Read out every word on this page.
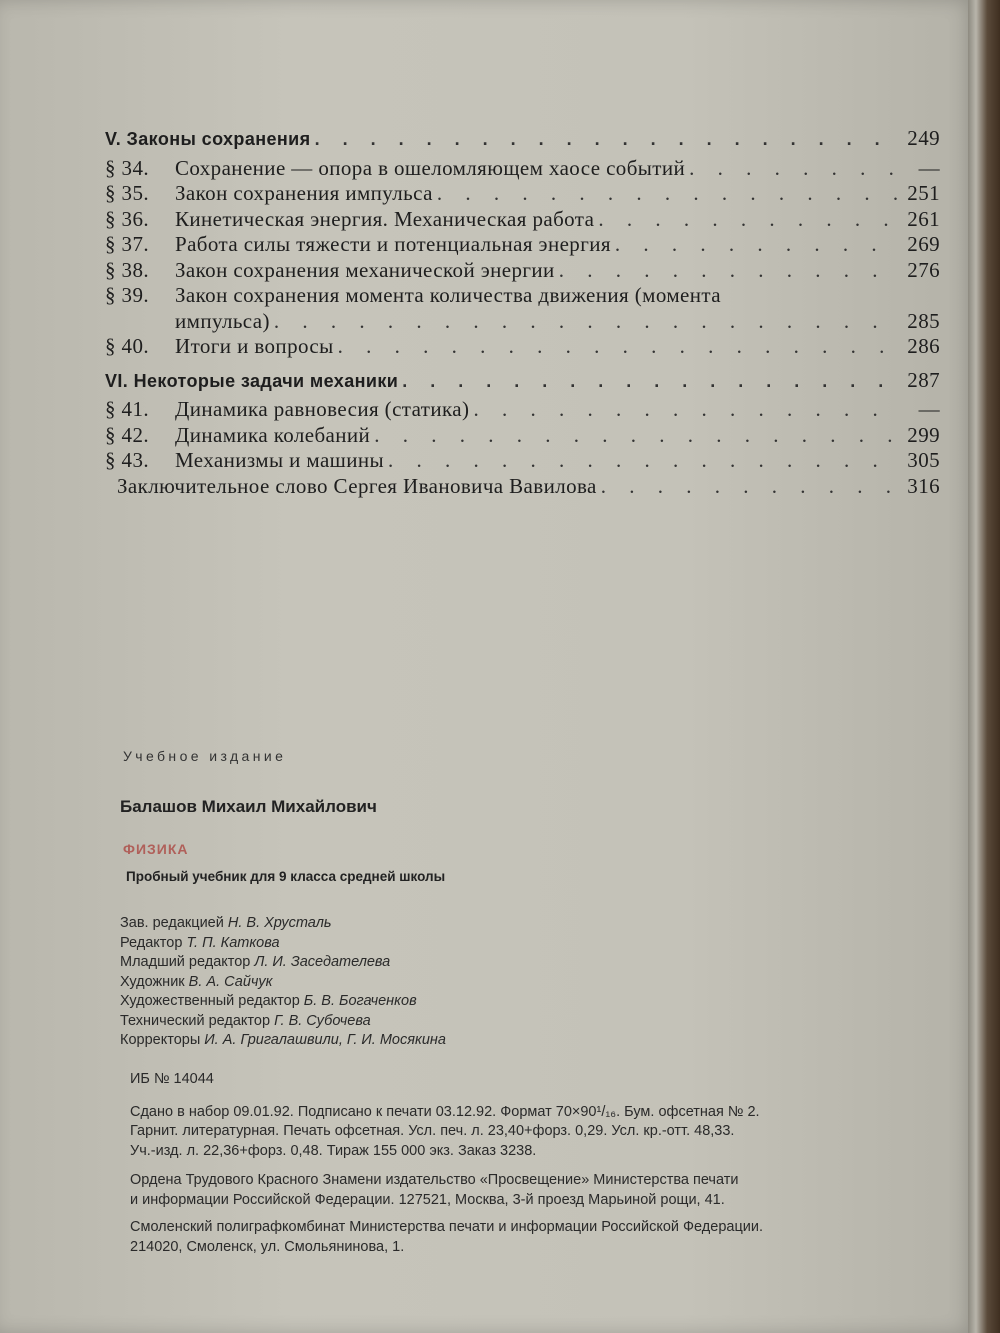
V. Законы сохранения . . .	249
§ 34.	Сохранение — опора в ошеломляющем хаосе событий . . .	—
§ 35.	Закон сохранения импульса . . .	251
§ 36.	Кинетическая энергия. Механическая работа . . .	261
§ 37.	Работа силы тяжести и потенциальная энергия . . .	269
§ 38.	Закон сохранения механической энергии . . .	276
§ 39.	Закон сохранения момента количества движения (момента
импульса) . . .	285
§ 40.	Итоги и вопросы . . .	286
VI. Некоторые задачи механики . . .	287
§ 41.	Динамика равновесия (статика) . . .	—
§ 42.	Динамика колебаний . . .	299
§ 43.	Механизмы и машины . . .	305
Заключительное слово Сергея Ивановича Вавилова . . .	316
Учебное издание
Балашов Михаил Михайлович
ФИЗИКА
Пробный учебник для 9 класса средней школы
Зав. редакцией Н. В. Хрусталь
Редактор Т. П. Каткова
Младший редактор Л. И. Заседателева
Художник В. А. Сайчук
Художественный редактор Б. В. Богаченков
Технический редактор Г. В. Субочева
Корректоры И. А. Григалашвили, Г. И. Мосякина
ИБ № 14044
Сдано в набор 09.01.92. Подписано к печати 03.12.92. Формат 70×90¹/₁₆. Бум. офсетная № 2.
Гарнит. литературная. Печать офсетная. Усл. печ. л. 23,40+форз. 0,29. Усл. кр.-отт. 48,33.
Уч.-изд. л. 22,36+форз. 0,48. Тираж 155 000 экз. Заказ 3238.
Ордена Трудового Красного Знамени издательство «Просвещение» Министерства печати
и информации Российской Федерации. 127521, Москва, 3-й проезд Марьиной рощи, 41.
Смоленский полиграфкомбинат Министерства печати и информации Российской Федерации.
214020, Смоленск, ул. Смольянинова, 1.
